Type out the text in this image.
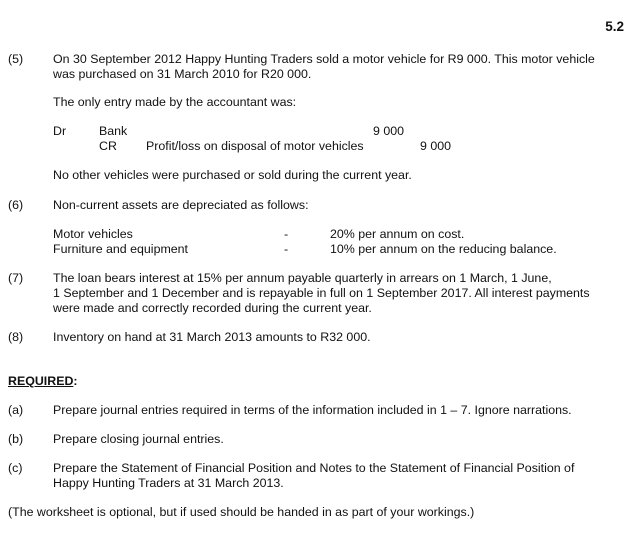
5.2
(5) On 30 September 2012 Happy Hunting Traders sold a motor vehicle for R9 000. This motor vehicle
was purchased on 31 March 2010 for R20 000.
The only entry made by the accountant was:
Dr	Bank	9 000
CR Profit/loss on disposal of motor vehicles	9 000
No other vehicles were purchased or sold during the current year.
(6) Non-current assets are depreciated as follows:
Motor vehicles	-	20% per annum on cost.
Furniture and equipment	-	10% per annum on the reducing balance.
(7) The loan bears interest at 15% per annum payable quarterly in arrears on 1 March, 1 June,
1 September and 1 December and is repayable in full on 1 September 2017. All interest payments
were made and correctly recorded during the current year.
(8) Inventory on hand at 31 March 2013 amounts to R32 000.
REQUIRED:
(a) Prepare journal entries required in terms of the information included in 1 – 7. Ignore narrations.
(b) Prepare closing journal entries.
(c) Prepare the Statement of Financial Position and Notes to the Statement of Financial Position of
Happy Hunting Traders at 31 March 2013.
(The worksheet is optional, but if used should be handed in as part of your workings.)
